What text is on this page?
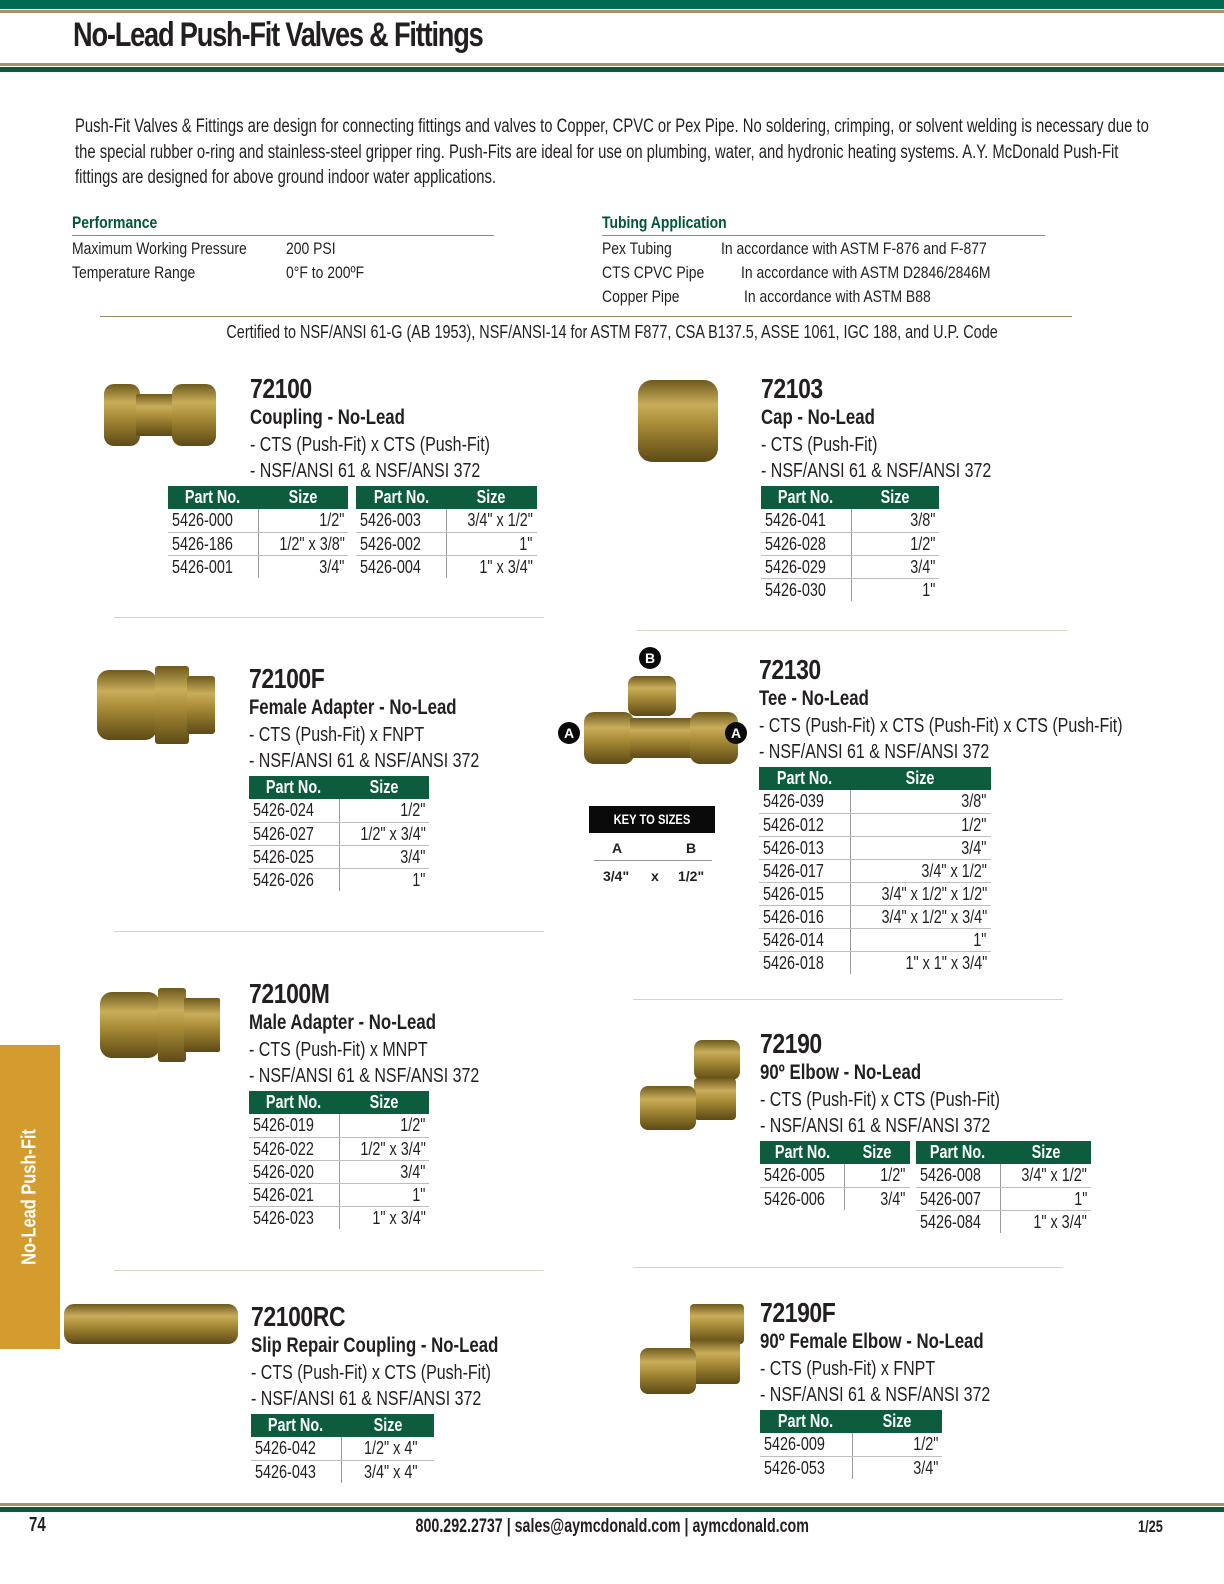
No-Lead Push-Fit Valves & Fittings
Push-Fit Valves & Fittings are design for connecting fittings and valves to Copper, CPVC or Pex Pipe. No soldering, crimping, or solvent welding is necessary due to the special rubber o-ring and stainless-steel gripper ring. Push-Fits are ideal for use on plumbing, water, and hydronic heating systems. A.Y. McDonald Push-Fit fittings are designed for above ground indoor water applications.
Performance
Maximum Working Pressure	200 PSI
Temperature Range	0°F to 200ºF
Tubing Application
Pex Tubing	In accordance with ASTM F-876 and F-877
CTS CPVC Pipe	In accordance with ASTM D2846/2846M
Copper Pipe	In accordance with ASTM B88
Certified to NSF/ANSI 61-G (AB 1953), NSF/ANSI-14 for ASTM F877, CSA B137.5, ASSE 1061, IGC 188, and U.P. Code
A	A
B
KEY TO SIZES
A	B
3/4" x 1/2"
72100
Coupling - No-Lead
- CTS (Push-Fit) x CTS (Push-Fit)
- NSF/ANSI 61 & NSF/ANSI 372
Part No.	Size
5426-000	1/2"
5426-186	1/2" x 3/8"
5426-001	3/4"
Part No.	Size
5426-003	3/4" x 1/2"
5426-002	1"
5426-004	1" x 3/4"
72103
Cap - No-Lead
- CTS (Push-Fit)
- NSF/ANSI 61 & NSF/ANSI 372
Part No.	Size
5426-041	3/8"
5426-028	1/2"
5426-029	3/4"
5426-030	1"
72100F
Female Adapter - No-Lead
- CTS (Push-Fit) x FNPT
- NSF/ANSI 61 & NSF/ANSI 372
Part No.	Size
5426-024	1/2"
5426-027	1/2" x 3/4"
5426-025	3/4"
5426-026	1"
72130
Tee - No-Lead
- CTS (Push-Fit) x CTS (Push-Fit) x CTS (Push-Fit)
- NSF/ANSI 61 & NSF/ANSI 372
Part No.	Size
5426-039	3/8"
5426-012	1/2"
5426-013	3/4"
5426-017	3/4" x 1/2"
5426-015	3/4" x 1/2" x 1/2"
5426-016	3/4" x 1/2" x 3/4"
5426-014	1"
5426-018	1" x 1" x 3/4"
72100M
Male Adapter - No-Lead
- CTS (Push-Fit) x MNPT
- NSF/ANSI 61 & NSF/ANSI 372
Part No.	Size
5426-019	1/2"
5426-022	1/2" x 3/4"
5426-020	3/4"
5426-021	1"
5426-023	1" x 3/4"
72190
90º Elbow - No-Lead
- CTS (Push-Fit) x CTS (Push-Fit)
- NSF/ANSI 61 & NSF/ANSI 372
Part No.	Size
5426-005	1/2"
5426-006	3/4"
Part No.	Size
5426-008	3/4" x 1/2"
5426-007	1"
5426-084	1" x 3/4"
72100RC
Slip Repair Coupling - No-Lead
- CTS (Push-Fit) x CTS (Push-Fit)
- NSF/ANSI 61 & NSF/ANSI 372
Part No.	Size
5426-042	1/2" x 4"
5426-043	3/4" x 4"
72190F
90º Female Elbow - No-Lead
- CTS (Push-Fit) x FNPT
- NSF/ANSI 61 & NSF/ANSI 372
Part No.	Size
5426-009	1/2"
5426-053	3/4"
No-Lead Push-Fit
74	800.292.2737 | sales@aymcdonald.com | aymcdonald.com	1/25
